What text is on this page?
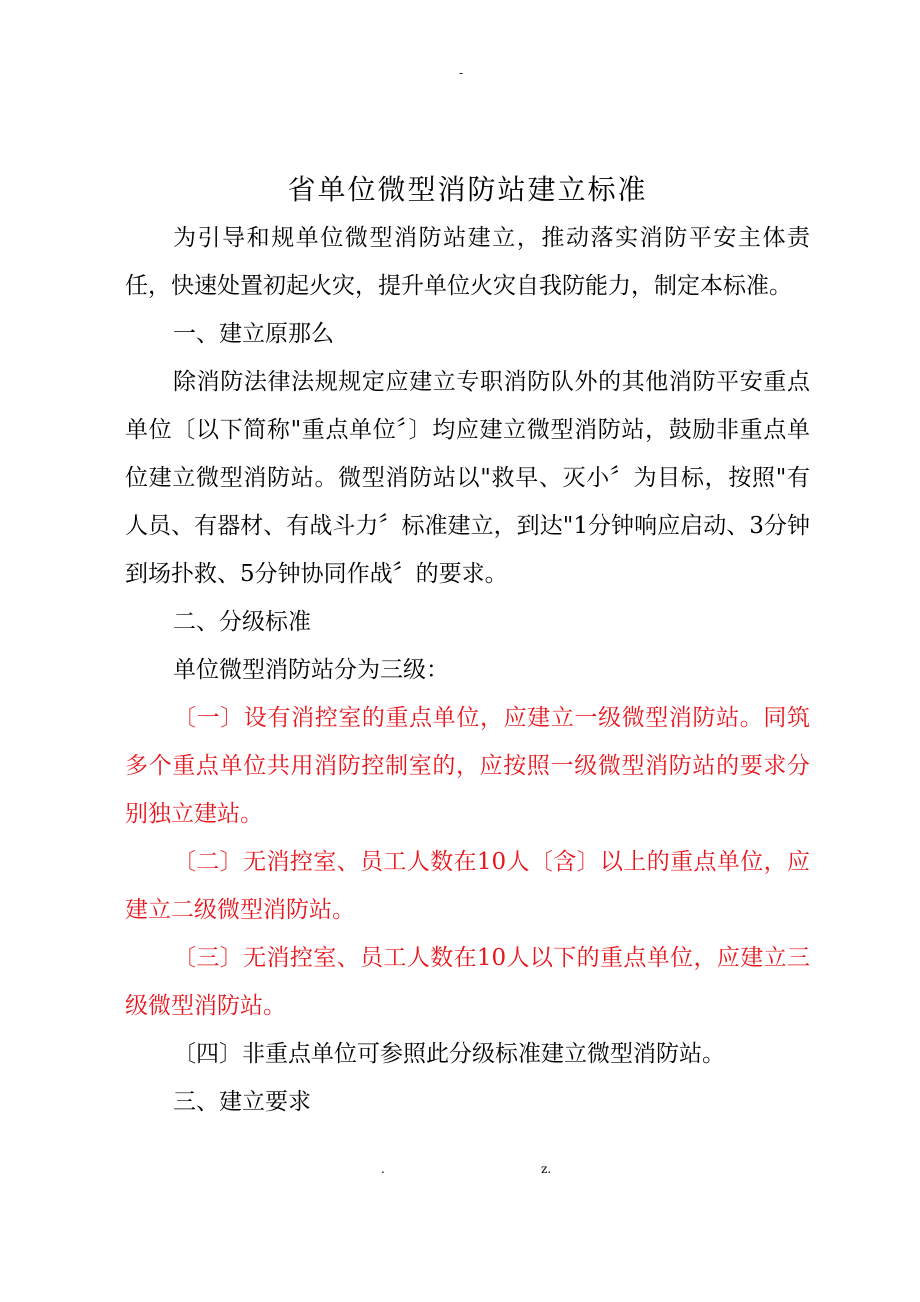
-
省单位微型消防站建立标准

为引导和规单位微型消防站建立，推动落实消防平安主体责任，快速处置初起火灾，提升单位火灾自我防能力，制定本标准。

一、建立原那么

除消防法律法规规定应建立专职消防队外的其他消防平安重点单位〔以下简称"重点单位〞〕均应建立微型消防站，鼓励非重点单位建立微型消防站。微型消防站以"救早、灭小〞为目标，按照"有人员、有器材、有战斗力〞标准建立，到达"1分钟响应启动、3分钟到场扑救、5分钟协同作战〞的要求。

二、分级标准

单位微型消防站分为三级：

〔一〕设有消控室的重点单位，应建立一级微型消防站。同筑多个重点单位共用消防控制室的，应按照一级微型消防站的要求分别独立建站。

〔二〕无消控室、员工人数在10人〔含〕以上的重点单位，应建立二级微型消防站。

〔三〕无消控室、员工人数在10人以下的重点单位，应建立三级微型消防站。

〔四〕非重点单位可参照此分级标准建立微型消防站。

三、建立要求

.	z.
